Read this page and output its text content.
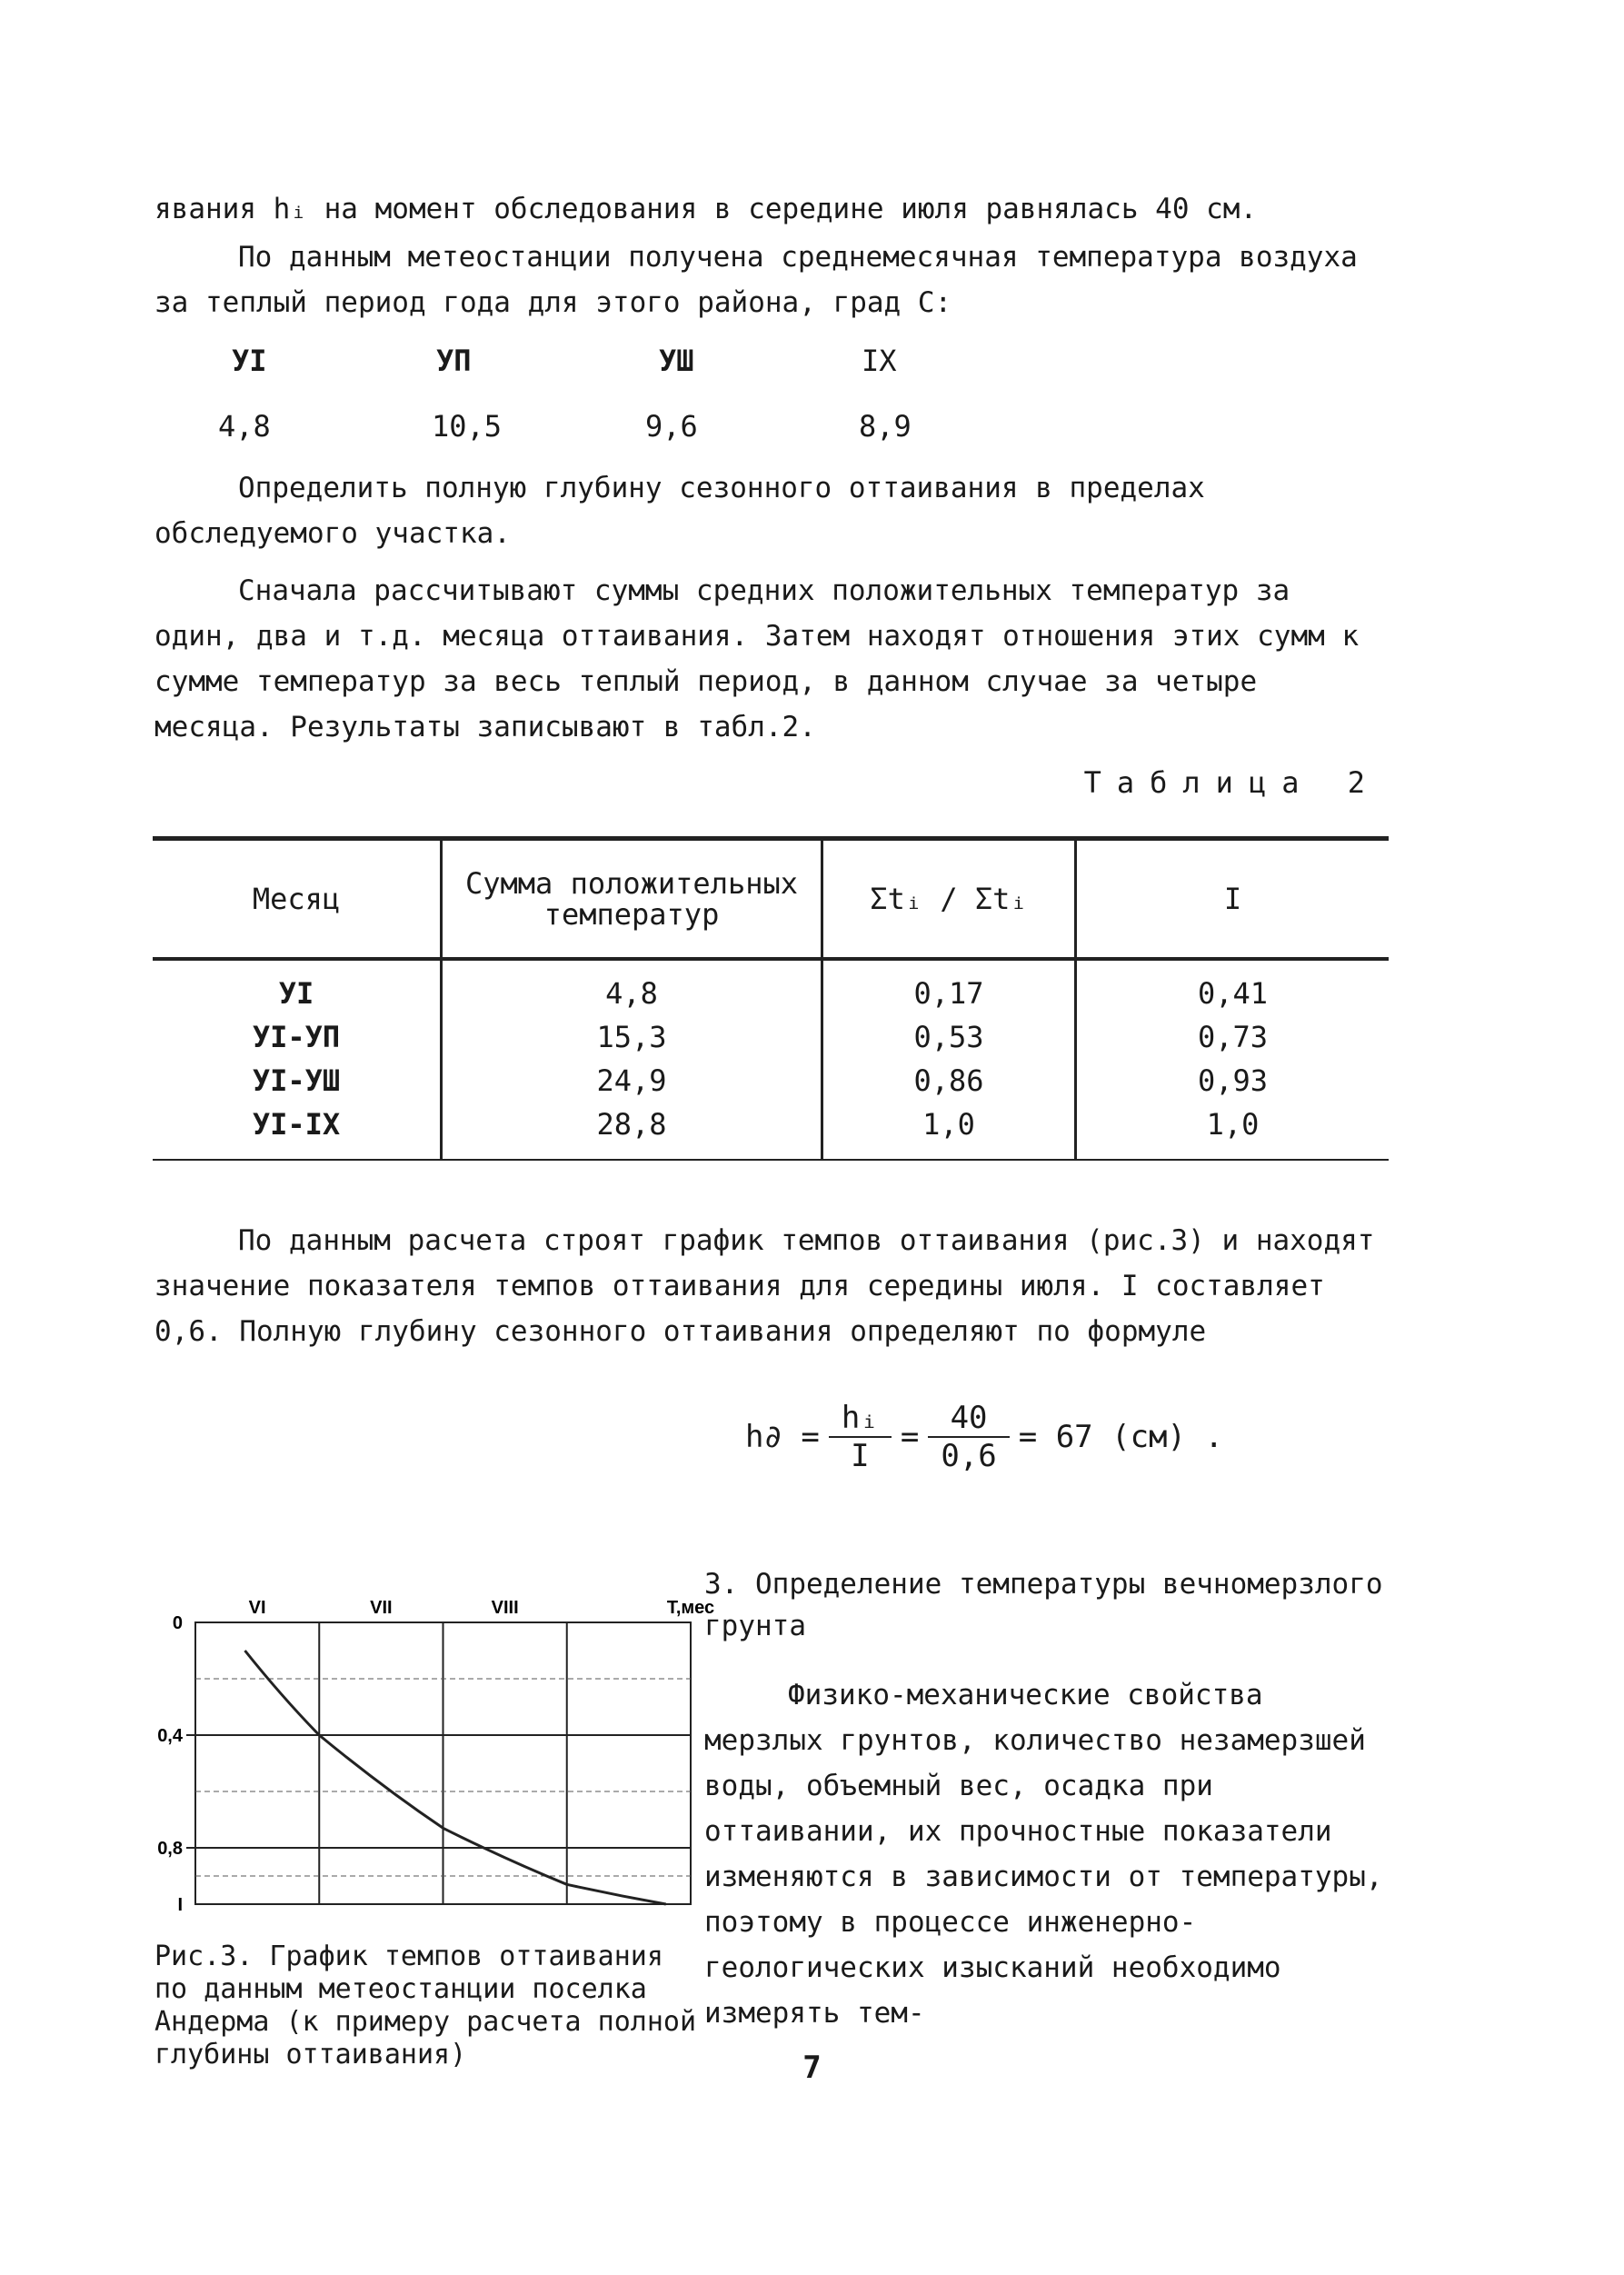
явания hᵢ на момент обследования в середине июля равнялась 40 см.

По данным метеостанции получена среднемесячная температура воздуха за теплый период года для этого района, град С:

УI	УП	УШ	IX
4,8	10,5	9,6	8,9

Определить полную глубину сезонного оттаивания в пределах обследуемого участка.

Сначала рассчитывают суммы средних положительных температур за один, два и т.д. месяца оттаивания. Затем находят отношения этих сумм к сумме температур за весь теплый период, в данном случае за четыре месяца. Результаты записывают в табл.2.

Таблица 2
Месяц	Сумма положительных температур	Σtᵢ / Σtᵢ	I
УI	4,8	0,17	0,41
УI-УП	15,3	0,53	0,73
УI-УШ	24,9	0,86	0,93
УI-IX	28,8	1,0	1,0

По данным расчета строят график темпов оттаивания (рис.3) и находят значение показателя темпов оттаивания для середины июля. I составляет 0,6. Полную глубину сезонного оттаивания определяют по формуле

$h\partial = \frac{\text{hᵢ}}{I} = \frac{40}{0,6} = 67$ (см) .
VI	VII	VIII	T,мес
0
0,4
0,8
I
3. Определение температуры вечномерзлого грунта

Физико-механические свойства мерзлых грунтов, количество незамерзшей воды, объемный вес, осадка при оттаивании, их прочностные показатели изменяются в зависимости от температуры, поэтому в процессе инженерно-геологических изысканий необходимо измерять тем-

Рис.3. График темпов оттаивания по данным метеостанции поселка Андерма (к примеру расчета полной глубины оттаивания)	7
